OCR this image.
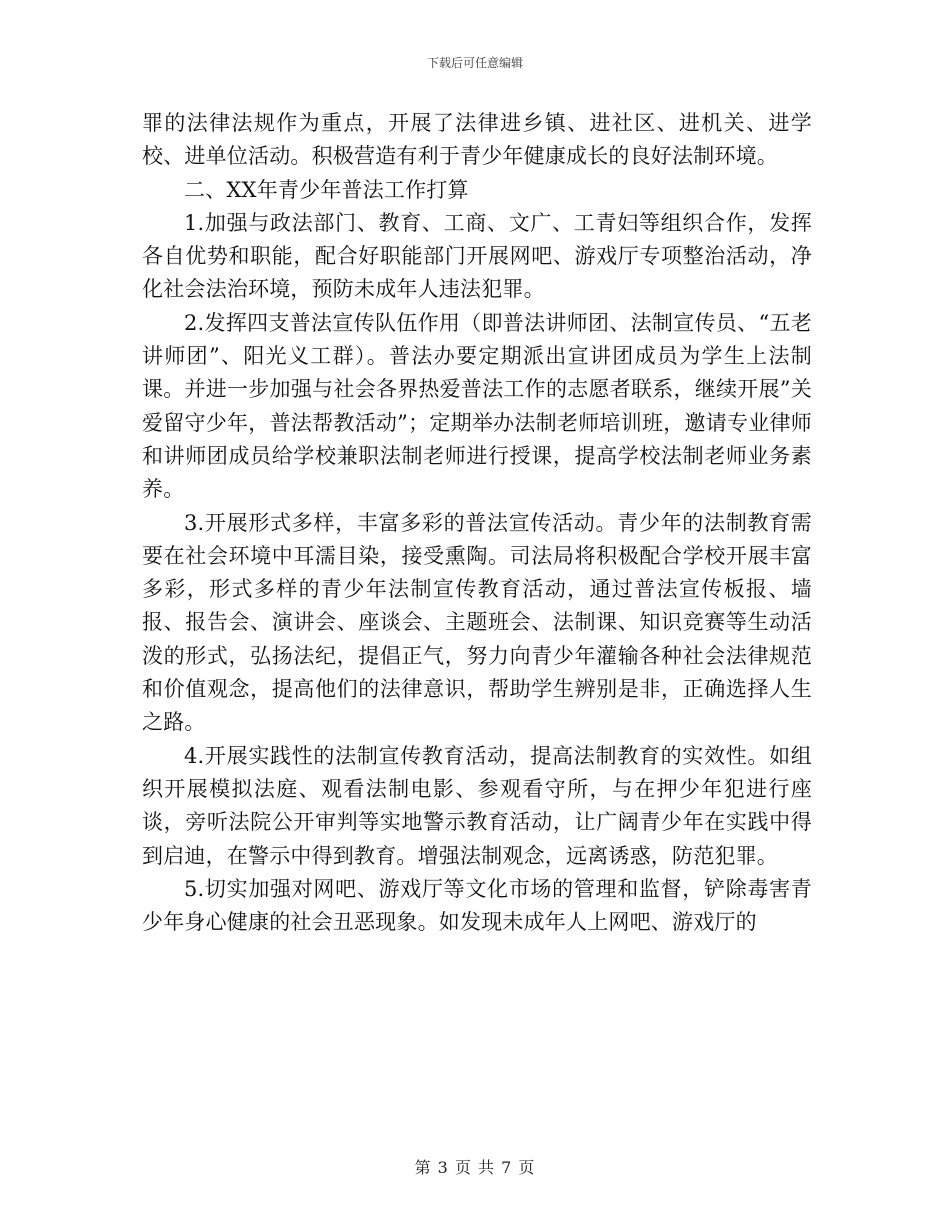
下载后可任意编辑

罪的法律法规作为重点，开展了法律进乡镇、进社区、进机关、进学校、进单位活动。积极营造有利于青少年健康成长的良好法制环境。

二、XX年青少年普法工作打算

1.加强与政法部门、教育、工商、文广、工青妇等组织合作，发挥各自优势和职能，配合好职能部门开展网吧、游戏厅专项整治活动，净化社会法治环境，预防未成年人违法犯罪。

2.发挥四支普法宣传队伍作用（即普法讲师团、法制宣传员、“五老讲师团”、阳光义工群）。普法办要定期派出宣讲团成员为学生上法制课。并进一步加强与社会各界热爱普法工作的志愿者联系，继续开展”关爱留守少年，普法帮教活动”；定期举办法制老师培训班，邀请专业律师和讲师团成员给学校兼职法制老师进行授课，提高学校法制老师业务素养。

3.开展形式多样，丰富多彩的普法宣传活动。青少年的法制教育需要在社会环境中耳濡目染，接受熏陶。司法局将积极配合学校开展丰富多彩，形式多样的青少年法制宣传教育活动，通过普法宣传板报、墙报、报告会、演讲会、座谈会、主题班会、法制课、知识竞赛等生动活泼的形式，弘扬法纪，提倡正气，努力向青少年灌输各种社会法律规范和价值观念，提高他们的法律意识，帮助学生辨别是非，正确选择人生之路。

4.开展实践性的法制宣传教育活动，提高法制教育的实效性。如组织开展模拟法庭、观看法制电影、参观看守所，与在押少年犯进行座谈，旁听法院公开审判等实地警示教育活动，让广阔青少年在实践中得到启迪，在警示中得到教育。增强法制观念，远离诱惑，防范犯罪。

5.切实加强对网吧、游戏厅等文化市场的管理和监督，铲除毒害青少年身心健康的社会丑恶现象。如发现未成年人上网吧、游戏厅的

第 3 页 共 7 页
